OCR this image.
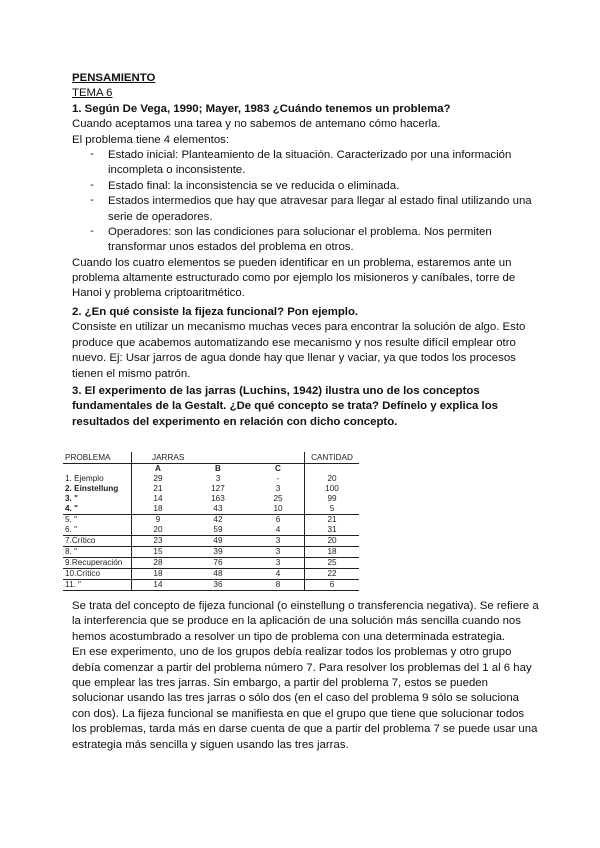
PENSAMIENTO
TEMA 6
1. Según De Vega, 1990; Mayer, 1983 ¿Cuándo tenemos un problema?
Cuando aceptamos una tarea y no sabemos de antemano cómo hacerla.
El problema tiene 4 elementos:
- Estado inicial: Planteamiento de la situación. Caracterizado por una información
incompleta o inconsistente.
- Estado final: la inconsistencia se ve reducida o eliminada.
- Estados intermedios que hay que atravesar para llegar al estado final utilizando una
serie de operadores.
- Operadores: son las condiciones para solucionar el problema. Nos permiten
transformar unos estados del problema en otros.
Cuando los cuatro elementos se pueden identificar en un problema, estaremos ante un
problema altamente estructurado como por ejemplo los misioneros y caníbales, torre de
Hanoi y problema criptoaritmético.
2. ¿En qué consiste la fijeza funcional? Pon ejemplo.
Consiste en utilizar un mecanismo muchas veces para encontrar la solución de algo. Esto
produce que acabemos automatizando ese mecanismo y nos resulte difícil emplear otro
nuevo. Ej: Usar jarros de agua donde hay que llenar y vaciar, ya que todos los procesos
tienen el mismo patrón.
3. El experimento de las jarras (Luchins, 1942) ilustra uno de los conceptos
fundamentales de la Gestalt. ¿De qué concepto se trata? Defínelo y explica los
resultados del experimento en relación con dicho concepto.
PROBLEMA	JARRAS			CANTIDAD
	A	B	C	
1. Ejemplo	29	3	-	20
2. Einstellung	21	127	3	100
3. "	14	163	25	99
4. "	18	43	10	5
5. "	9	42	6	21
6. "	20	59	4	31
7.Crítico	23	49	3	20
8. "	15	39	3	18
9.Recuperación	28	76	3	25
10.Crítico	18	48	4	22
11. "	14	36	8	6
Se trata del concepto de fijeza funcional (o einstellung o transferencia negativa). Se refiere a
la interferencia que se produce en la aplicación de una solución más sencilla cuando nos
hemos acostumbrado a resolver un tipo de problema con una determinada estrategia.
En ese experimento, uno de los grupos debía realizar todos los problemas y otro grupo
debía comenzar a partir del problema número 7. Para resolver los problemas del 1 al 6 hay
que emplear las tres jarras. Sin embargo, a partir del problema 7, estos se pueden
solucionar usando las tres jarras o sólo dos (en el caso del problema 9 sólo se soluciona
con dos). La fijeza funcional se manifiesta en que el grupo que tiene que solucionar todos
los problemas, tarda más en darse cuenta de que a partir del problema 7 se puede usar una
estrategia más sencilla y siguen usando las tres jarras.
